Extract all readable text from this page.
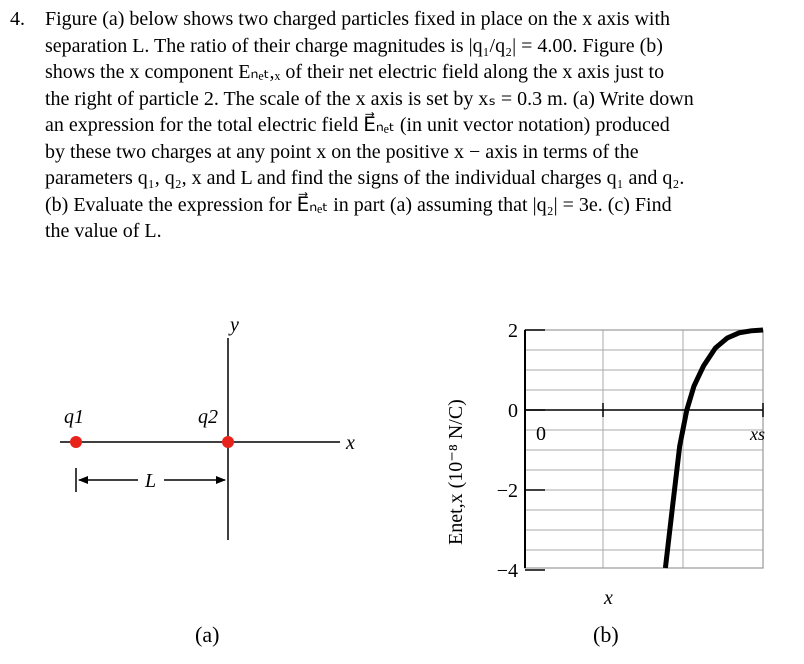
4.	Figure (a) below shows two charged particles fixed in place on the x axis with
separation L. The ratio of their charge magnitudes is |q₁/q₂| = 4.00. Figure (b)
shows the x component Eₙₑₜ,ₓ of their net electric field along the x axis just to
the right of particle 2. The scale of the x axis is set by xₛ = 0.3 m. (a) Write down
an expression for the total electric field E⃗ₙₑₜ (in unit vector notation) produced
by these two charges at any point x on the positive x − axis in terms of the
parameters q₁, q₂, x and L and find the signs of the individual charges q₁ and q₂.
(b) Evaluate the expression for E⃗ₙₑₜ in part (a) assuming that |q₂| = 3e. (c) Find
the value of L.
y
x
q1	q2
L
(a)
Enet,x (10⁻⁸ N/C)
2
0
−2
−4
0	xs
x
(b)
